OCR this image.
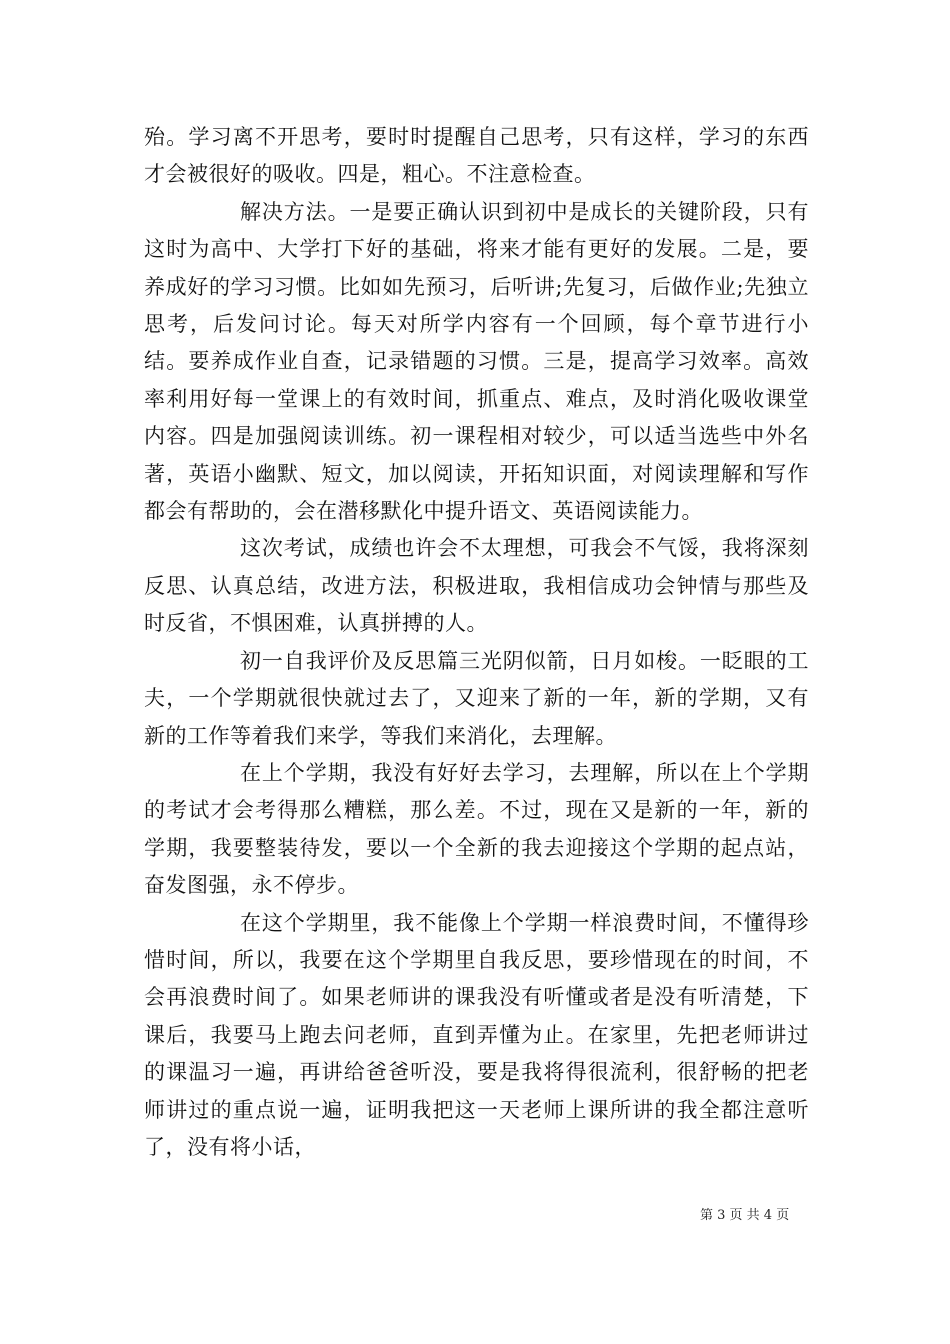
殆。学习离不开思考，要时时提醒自己思考，只有这样，学习的东西才会被很好的吸收。四是，粗心。不注意检查。

解决方法。一是要正确认识到初中是成长的关键阶段，只有这时为高中、大学打下好的基础，将来才能有更好的发展。二是，要养成好的学习习惯。比如如先预习，后听讲;先复习，后做作业;先独立思考，后发问讨论。每天对所学内容有一个回顾，每个章节进行小结。要养成作业自查，记录错题的习惯。三是，提高学习效率。高效率利用好每一堂课上的有效时间，抓重点、难点，及时消化吸收课堂内容。四是加强阅读训练。初一课程相对较少，可以适当选些中外名著，英语小幽默、短文，加以阅读，开拓知识面，对阅读理解和写作都会有帮助的，会在潜移默化中提升语文、英语阅读能力。

这次考试，成绩也许会不太理想，可我会不气馁，我将深刻反思、认真总结，改进方法，积极进取，我相信成功会钟情与那些及时反省，不惧困难，认真拼搏的人。

初一自我评价及反思篇三光阴似箭，日月如梭。一眨眼的工夫，一个学期就很快就过去了，又迎来了新的一年，新的学期，又有新的工作等着我们来学，等我们来消化，去理解。

在上个学期，我没有好好去学习，去理解，所以在上个学期的考试才会考得那么糟糕，那么差。不过，现在又是新的一年，新的学期，我要整装待发，要以一个全新的我去迎接这个学期的起点站，奋发图强，永不停步。

在这个学期里，我不能像上个学期一样浪费时间，不懂得珍惜时间，所以，我要在这个学期里自我反思，要珍惜现在的时间，不会再浪费时间了。如果老师讲的课我没有听懂或者是没有听清楚，下课后，我要马上跑去问老师，直到弄懂为止。在家里，先把老师讲过的课温习一遍，再讲给爸爸听没，要是我将得很流利，很舒畅的把老师讲过的重点说一遍，证明我把这一天老师上课所讲的我全都注意听了，没有将小话，

第 3 页 共 4 页
